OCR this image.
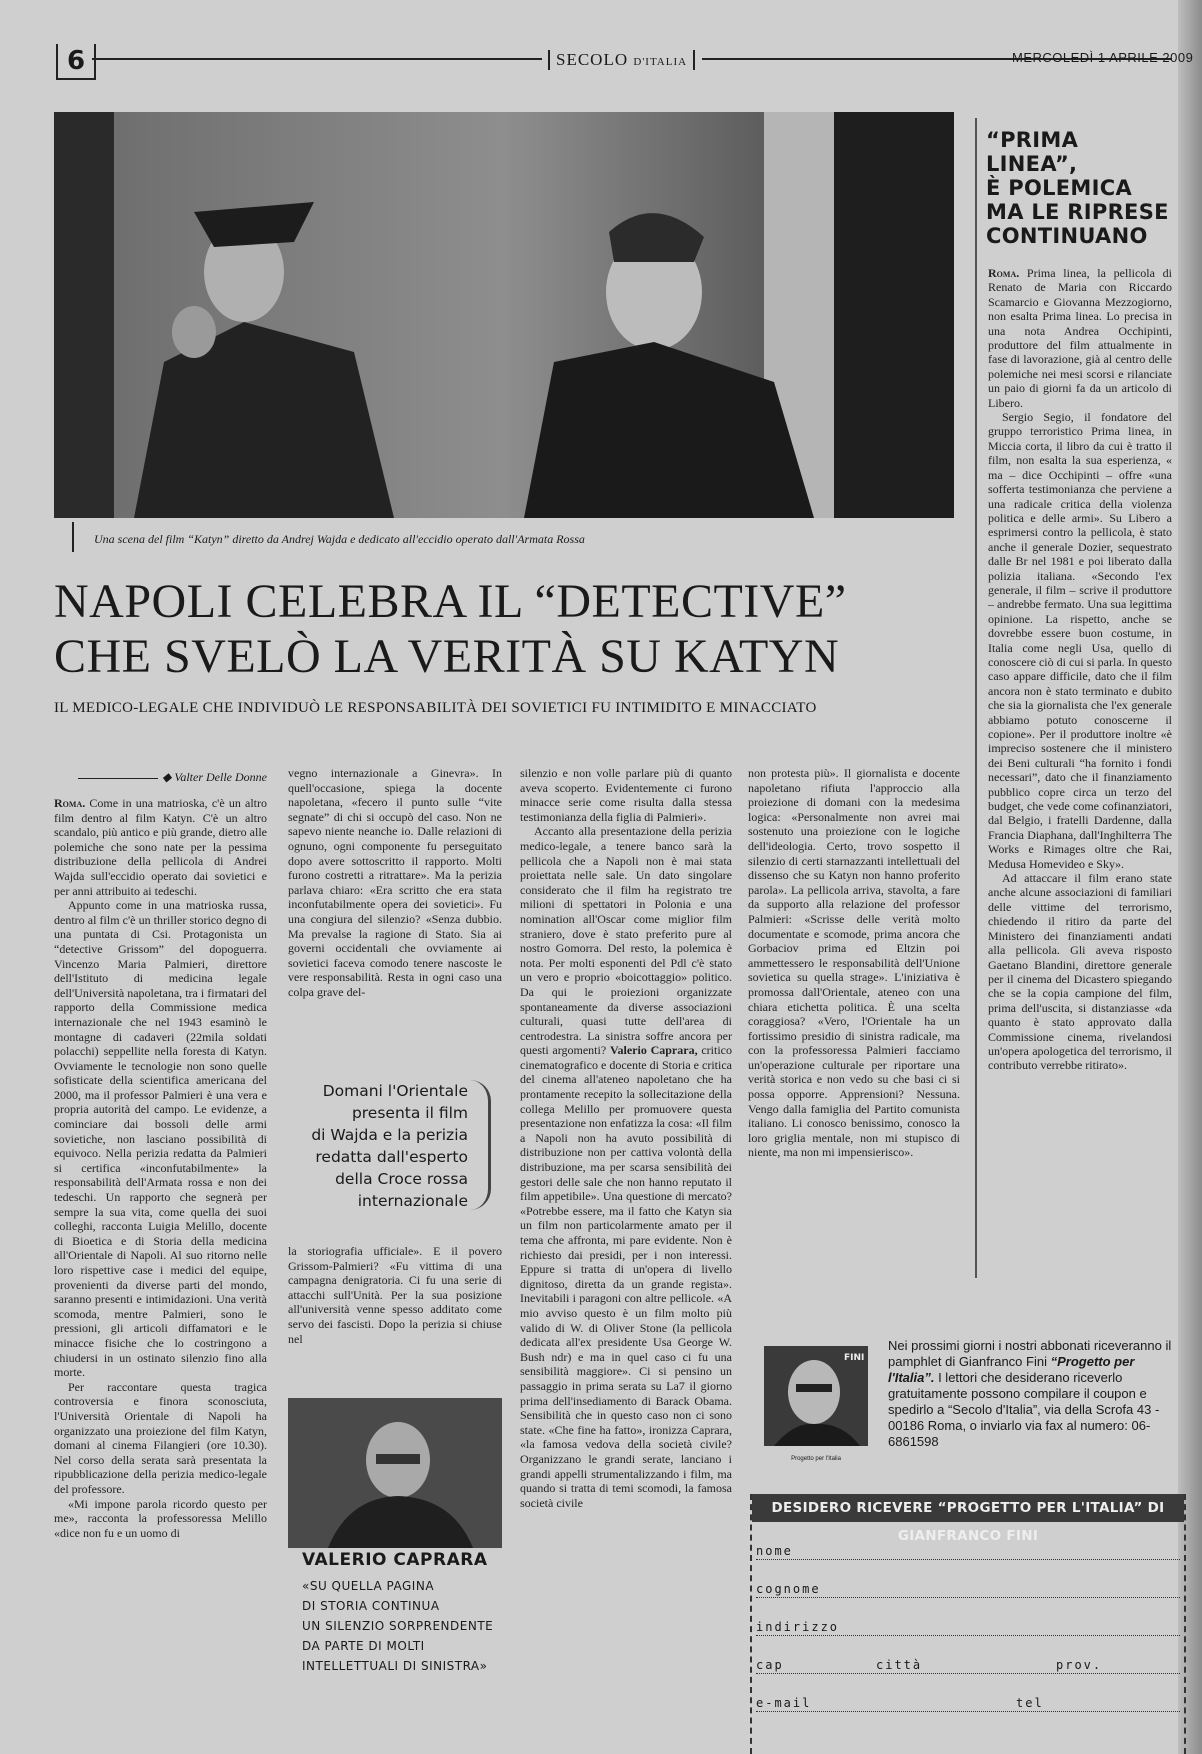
6	SECOLO D'ITALIA	MERCOLEDÌ 1 APRILE 2009
Una scena del film “Katyn” diretto da Andrej Wajda e dedicato all'eccidio operato dall'Armata Rossa
NAPOLI CELEBRA IL “DETECTIVE”
CHE SVELÒ LA VERITÀ SU KATYN
IL MEDICO-LEGALE CHE INDIVIDUÒ LE RESPONSABILITÀ DEI SOVIETICI FU INTIMIDITO E MINACCIATO
◆ Valter Delle Donne

Roma. Come in una matrioska, c'è un altro film dentro al film Katyn. C'è un altro scandalo, più antico e più grande, dietro alle polemiche che sono nate per la pessima distribuzione della pellicola di Andrei Wajda sull'eccidio operato dai sovietici e per anni attribuito ai tedeschi.

Appunto come in una matrioska russa, dentro al film c'è un thriller storico degno di una puntata di Csi. Protagonista un “detective Grissom” del dopoguerra. Vincenzo Maria Palmieri, direttore dell'Istituto di medicina legale dell'Università napoletana, tra i firmatari del rapporto della Commissione medica internazionale che nel 1943 esaminò le montagne di cadaveri (22mila soldati polacchi) seppellite nella foresta di Katyn. Ovviamente le tecnologie non sono quelle sofisticate della scientifica americana del 2000, ma il professor Palmieri è una vera e propria autorità del campo. Le evidenze, a cominciare dai bossoli delle armi sovietiche, non lasciano possibilità di equivoco. Nella perizia redatta da Palmieri si certifica «inconfutabilmente» la responsabilità dell'Armata rossa e non dei tedeschi. Un rapporto che segnerà per sempre la sua vita, come quella dei suoi colleghi, racconta Luigia Melillo, docente di Bioetica e di Storia della medicina all'Orientale di Napoli. Al suo ritorno nelle loro rispettive case i medici del equipe, provenienti da diverse parti del mondo, saranno presenti e intimidazioni. Una verità scomoda, mentre Palmieri, sono le pressioni, gli articoli diffamatori e le minacce fisiche che lo costringono a chiudersi in un ostinato silenzio fino alla morte.

Per raccontare questa tragica controversia e finora sconosciuta, l'Università Orientale di Napoli ha organizzato una proiezione del film Katyn, domani al cinema Filangieri (ore 10.30). Nel corso della serata sarà presentata la ripubblicazione della perizia medico-legale del professore.

«Mi impone parola ricordo questo per me», racconta la professoressa Melillo «dice non fu e un uomo di

vegno internazionale a Ginevra». In quell'occasione, spiega la docente napoletana, «fecero il punto sulle “vite segnate” di chi si occupò del caso. Non ne sapevo niente neanche io. Dalle relazioni di ognuno, ogni componente fu perseguitato dopo avere sottoscritto il rapporto. Molti furono costretti a ritrattare». Ma la perizia parlava chiaro: «Era scritto che era stata inconfutabilmente opera dei sovietici». Fu una congiura del silenzio? «Senza dubbio. Ma prevalse la ragione di Stato. Sia ai governi occidentali che ovviamente ai sovietici faceva comodo tenere nascoste le vere responsabilità. Resta in ogni caso una colpa grave del-

Domani l'Orientale
presenta il film
di Wajda e la perizia
redatta dall'esperto
della Croce rossa
internazionale

la storiografia ufficiale». E il povero Grissom-Palmieri? «Fu vittima di una campagna denigratoria. Ci fu una serie di attacchi sull'Unità. Per la sua posizione all'università venne spesso additato come servo dei fascisti. Dopo la perizia si chiuse nel

VALERIO CAPRARA
«SU QUELLA PAGINA
DI STORIA CONTINUA
UN SILENZIO SORPRENDENTE
DA PARTE DI MOLTI
INTELLETTUALI DI SINISTRA»

silenzio e non volle parlare più di quanto aveva scoperto. Evidentemente ci furono minacce serie come risulta dalla stessa testimonianza della figlia di Palmieri».

Accanto alla presentazione della perizia medico-legale, a tenere banco sarà la pellicola che a Napoli non è mai stata proiettata nelle sale. Un dato singolare considerato che il film ha registrato tre milioni di spettatori in Polonia e una nomination all'Oscar come miglior film straniero, dove è stato preferito pure al nostro Gomorra. Del resto, la polemica è nota. Per molti esponenti del Pdl c'è stato un vero e proprio «boicottaggio» politico. Da qui le proiezioni organizzate spontaneamente da diverse associazioni culturali, quasi tutte dell'area di centrodestra. La sinistra soffre ancora per questi argomenti? Valerio Caprara, critico cinematografico e docente di Storia e critica del cinema all'ateneo napoletano che ha prontamente recepito la sollecitazione della collega Melillo per promuovere questa presentazione non enfatizza la cosa: «Il film a Napoli non ha avuto possibilità di distribuzione non per cattiva volontà della distribuzione, ma per scarsa sensibilità dei gestori delle sale che non hanno reputato il film appetibile». Una questione di mercato? «Potrebbe essere, ma il fatto che Katyn sia un film non particolarmente amato per il tema che affronta, mi pare evidente. Non è richiesto dai presidi, per i non interessi. Eppure si tratta di un'opera di livello dignitoso, diretta da un grande regista». Inevitabili i paragoni con altre pellicole. «A mio avviso questo è un film molto più valido di W. di Oliver Stone (la pellicola dedicata all'ex presidente Usa George W. Bush ndr) e ma in quel caso ci fu una sensibilità maggiore». Ci si pensino un passaggio in prima serata su La7 il giorno prima dell'insediamento di Barack Obama. Sensibilità che in questo caso non ci sono state. «Che fine ha fatto», ironizza Caprara, «la famosa vedova della società civile? Organizzano le grandi serate, lanciano i grandi appelli strumentalizzando i film, ma quando si tratta di temi scomodi, la famosa società civile

non protesta più». Il giornalista e docente napoletano rifiuta l'approccio alla proiezione di domani con la medesima logica: «Personalmente non avrei mai sostenuto una proiezione con le logiche dell'ideologia. Certo, trovo sospetto il silenzio di certi starnazzanti intellettuali del dissenso che su Katyn non hanno proferito parola». La pellicola arriva, stavolta, a fare da supporto alla relazione del professor Palmieri: «Scrisse delle verità molto documentate e scomode, prima ancora che Gorbaciov prima ed Eltzin poi ammettessero le responsabilità dell'Unione sovietica su quella strage». L'iniziativa è promossa dall'Orientale, ateneo con una chiara etichetta politica. È una scelta coraggiosa? «Vero, l'Orientale ha un fortissimo presidio di sinistra radicale, ma con la professoressa Palmieri facciamo un'operazione culturale per riportare una verità storica e non vedo su che basi ci si possa opporre. Apprensioni? Nessuna. Vengo dalla famiglia del Partito comunista italiano. Li conosco benissimo, conosco la loro griglia mentale, non mi stupisco di niente, ma non mi impensierisco».

“PRIMA LINEA”,
È POLEMICA
MA LE RIPRESE
CONTINUANO

Roma. Prima linea, la pellicola di Renato de Maria con Riccardo Scamarcio e Giovanna Mezzogiorno, non esalta Prima linea. Lo precisa in una nota Andrea Occhipinti, produttore del film attualmente in fase di lavorazione, già al centro delle polemiche nei mesi scorsi e rilanciate un paio di giorni fa da un articolo di Libero.

Sergio Segio, il fondatore del gruppo terroristico Prima linea, in Miccia corta, il libro da cui è tratto il film, non esalta la sua esperienza, « ma – dice Occhipinti – offre «una sofferta testimonianza che perviene a una radicale critica della violenza politica e delle armi». Su Libero a esprimersi contro la pellicola, è stato anche il generale Dozier, sequestrato dalle Br nel 1981 e poi liberato dalla polizia italiana. «Secondo l'ex generale, il film – scrive il produttore – andrebbe fermato. Una sua legittima opinione. La rispetto, anche se dovrebbe essere buon costume, in Italia come negli Usa, quello di conoscere ciò di cui si parla. In questo caso appare difficile, dato che il film ancora non è stato terminato e dubito che sia la giornalista che l'ex generale abbiamo potuto conoscerne il copione». Per il produttore inoltre «è impreciso sostenere che il ministero dei Beni culturali “ha fornito i fondi necessari”, dato che il finanziamento pubblico copre circa un terzo del budget, che vede come cofinanziatori, dal Belgio, i fratelli Dardenne, dalla Francia Diaphana, dall'Inghilterra The Works e Rimages oltre che Rai, Medusa Homevideo e Sky».

Ad attaccare il film erano state anche alcune associazioni di familiari delle vittime del terrorismo, chiedendo il ritiro da parte del Ministero dei finanziamenti andati alla pellicola. Gli aveva risposto Gaetano Blandini, direttore generale per il cinema del Dicastero spiegando che se la copia campione del film, prima dell'uscita, si distanziasse «da quanto è stato approvato dalla Commissione cinema, rivelandosi un'opera apologetica del terrorismo, il contributo verrebbe ritirato».

FINI
Progetto per l'Italia
Nei prossimi giorni i nostri abbonati riceveranno il pamphlet di Gianfranco Fini “Progetto per l'Italia”. I lettori che desiderano riceverlo gratuitamente possono compilare il coupon e spedirlo a “Secolo d'Italia”, via della Scrofa 43 - 00186 Roma, o inviarlo via fax al numero: 06-6861598
DESIDERO RICEVERE “PROGETTO PER L'ITALIA” DI GIANFRANCO FINI
nome
cognome
indirizzo
cap	città	prov.
e-mail	tel
